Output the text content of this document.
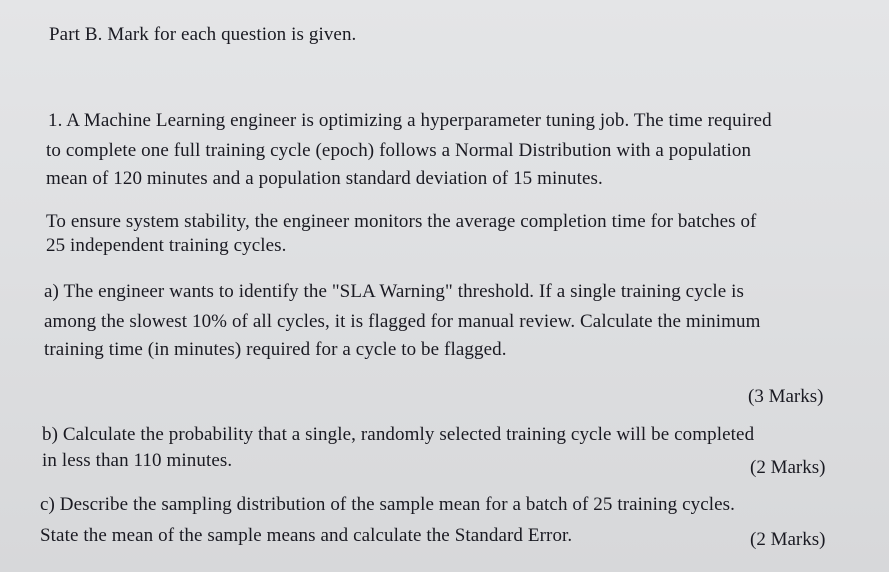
Part B. Mark for each question is given.
1. A Machine Learning engineer is optimizing a hyperparameter tuning job. The time required
to complete one full training cycle (epoch) follows a Normal Distribution with a population
mean of 120 minutes and a population standard deviation of 15 minutes.
To ensure system stability, the engineer monitors the average completion time for batches of
25 independent training cycles.
a) The engineer wants to identify the "SLA Warning" threshold. If a single training cycle is
among the slowest 10% of all cycles, it is flagged for manual review. Calculate the minimum
training time (in minutes) required for a cycle to be flagged.
(3 Marks)
b) Calculate the probability that a single, randomly selected training cycle will be completed
in less than 110 minutes.	(2 Marks)
c) Describe the sampling distribution of the sample mean for a batch of 25 training cycles.
State the mean of the sample means and calculate the Standard Error.	(2 Marks)
